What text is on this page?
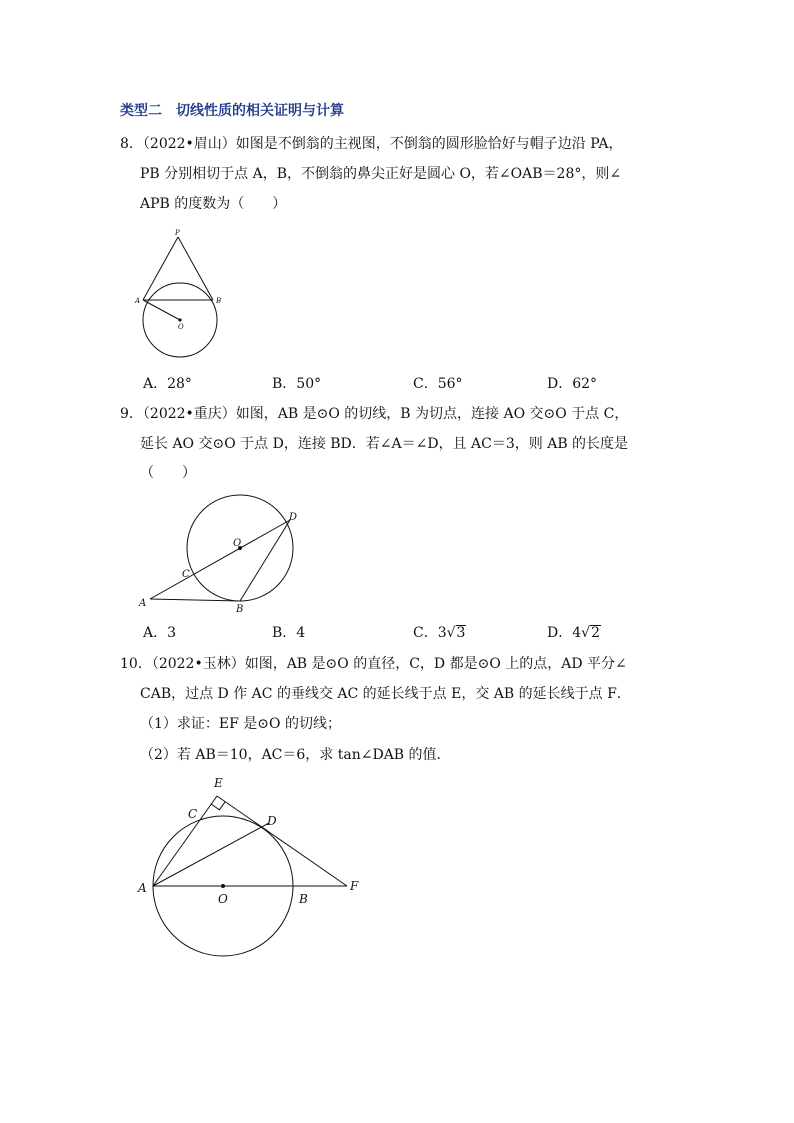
类型二　切线性质的相关证明与计算
8．（2022•眉山）如图是不倒翁的主视图，不倒翁的圆形脸恰好与帽子边沿 PA，
PB 分别相切于点 A，B，不倒翁的鼻尖正好是圆心 O，若∠OAB＝28°，则∠
APB 的度数为（　　）
P
A	B
O
A．28°	B．50°	C．56°	D．62°
9．（2022•重庆）如图，AB 是⊙O 的切线，B 为切点，连接 AO 交⊙O 于点 C，
延长 AO 交⊙O 于点 D，连接 BD．若∠A＝∠D，且 AC＝3，则 AB 的长度是
（　　）
D
O
C
A
B
A．3	B．4	C．3√3	D．4√2
10．（2022•玉林）如图，AB 是⊙O 的直径，C，D 都是⊙O 上的点，AD 平分∠
CAB，过点 D 作 AC 的垂线交 AC 的延长线于点 E，交 AB 的延长线于点 F．
（1）求证：EF 是⊙O 的切线；
（2）若 AB＝10，AC＝6，求 tan∠DAB 的值．
E
C	D
A
O	B
F
